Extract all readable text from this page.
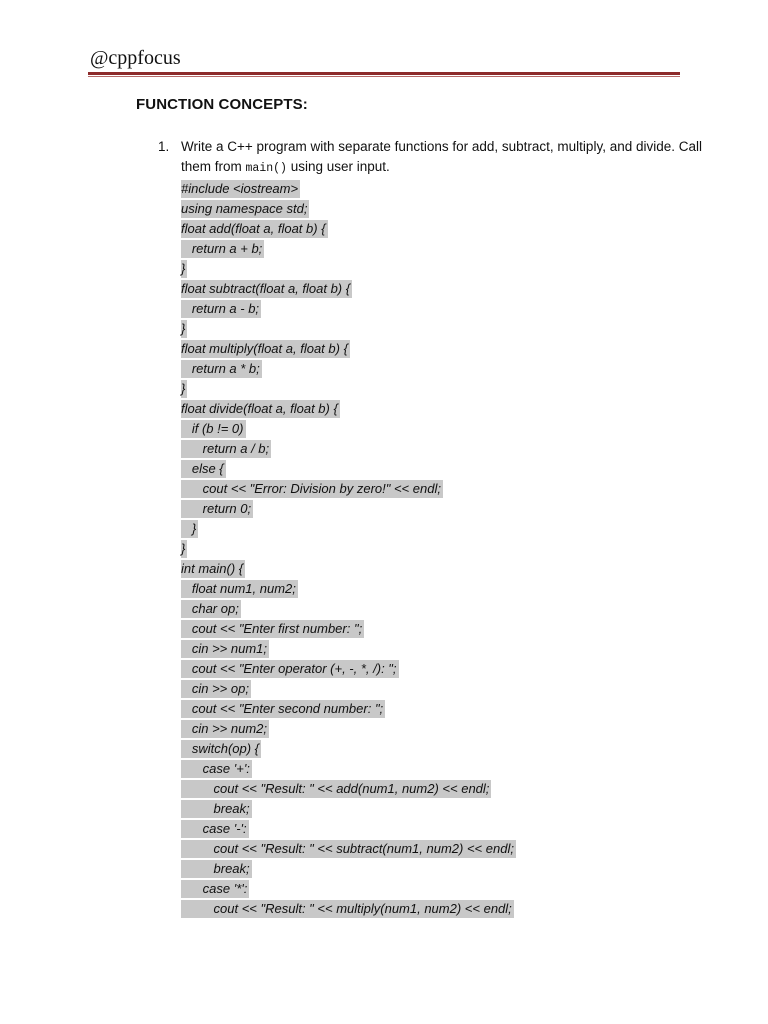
@cppfocus
FUNCTION CONCEPTS:
1. Write a C++ program with separate functions for add, subtract, multiply, and divide. Call
them from main() using user input.
#include <iostream>
using namespace std;
float add(float a, float b) {
return a + b;
}
float subtract(float a, float b) {
return a - b;
}
float multiply(float a, float b) {
return a * b;
}
float divide(float a, float b) {
if (b != 0)
return a / b;
else {
cout << "Error: Division by zero!" << endl;
return 0;
}
}
int main() {
float num1, num2;
char op;
cout << "Enter first number: ";
cin >> num1;
cout << "Enter operator (+, -, *, /): ";
cin >> op;
cout << "Enter second number: ";
cin >> num2;
switch(op) {
case '+':
cout << "Result: " << add(num1, num2) << endl;
break;
case '-':
cout << "Result: " << subtract(num1, num2) << endl;
break;
case '*':
cout << "Result: " << multiply(num1, num2) << endl;
